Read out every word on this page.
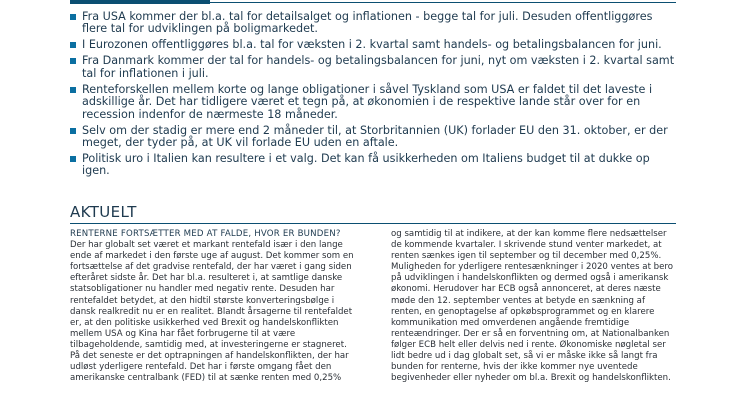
Fra USA kommer der bl.a. tal for detailsalget og inflationen - begge tal for juli. Desuden offentliggøres flere tal for udviklingen på boligmarkedet.
I Eurozonen offentliggøres bl.a. tal for væksten i 2. kvartal samt handels- og betalingsbalancen for juni.
Fra Danmark kommer der tal for handels- og betalingsbalancen for juni, nyt om væksten i 2. kvartal samt tal for inflationen i juli.
Renteforskellen mellem korte og lange obligationer i såvel Tyskland som USA er faldet til det laveste i adskillige år. Det har tidligere været et tegn på, at økonomien i de respektive lande står over for en recession indenfor de nærmeste 18 måneder.
Selv om der stadig er mere end 2 måneder til, at Storbritannien (UK) forlader EU den 31. oktober, er der meget, der tyder på, at UK vil forlade EU uden en aftale.
Politisk uro i Italien kan resultere i et valg. Det kan få usikkerheden om Italiens budget til at dukke op igen.
AKTUELT
RENTERNE FORTSÆTTER MED AT FALDE, HVOR ER BUNDEN?

Der har globalt set været et markant rentefald især i den lange ende af markedet i den første uge af august. Det kommer som en fortsættelse af det gradvise rentefald, der har været i gang siden efteråret sidste år. Det har bl.a. resulteret i, at samtlige danske statsobligationer nu handler med negativ rente. Desuden har rentefaldet betydet, at den hidtil største konverteringsbølge i dansk realkredit nu er en realitet. Blandt årsagerne til rentefaldet er, at den politiske usikkerhed ved Brexit og handelskonflikten mellem USA og Kina har fået forbrugerne til at være tilbageholdende, samtidig med, at investeringerne er stagneret. På det seneste er det optrapningen af handelskonflikten, der har udløst yderligere rentefald. Det har i første omgang fået den amerikanske centralbank (FED) til at sænke renten med 0,25%

og samtidig til at indikere, at der kan komme flere nedsættelser de kommende kvartaler. I skrivende stund venter markedet, at renten sænkes igen til september og til december med 0,25%. Muligheden for yderligere rentesænkninger i 2020 ventes at bero på udviklingen i handelskonflikten og dermed også i amerikansk økonomi. Herudover har ECB også annonceret, at deres næste møde den 12. september ventes at betyde en sænkning af renten, en genoptagelse af opkøbsprogrammet og en klarere kommunikation med omverdenen angående fremtidige renteændringer. Der er så en forventning om, at Nationalbanken følger ECB helt eller delvis ned i rente. Økonomiske nøgletal ser lidt bedre ud i dag globalt set, så vi er måske ikke så langt fra bunden for renterne, hvis der ikke kommer nye uventede begivenheder eller nyheder om bl.a. Brexit og handelskonflikten.
